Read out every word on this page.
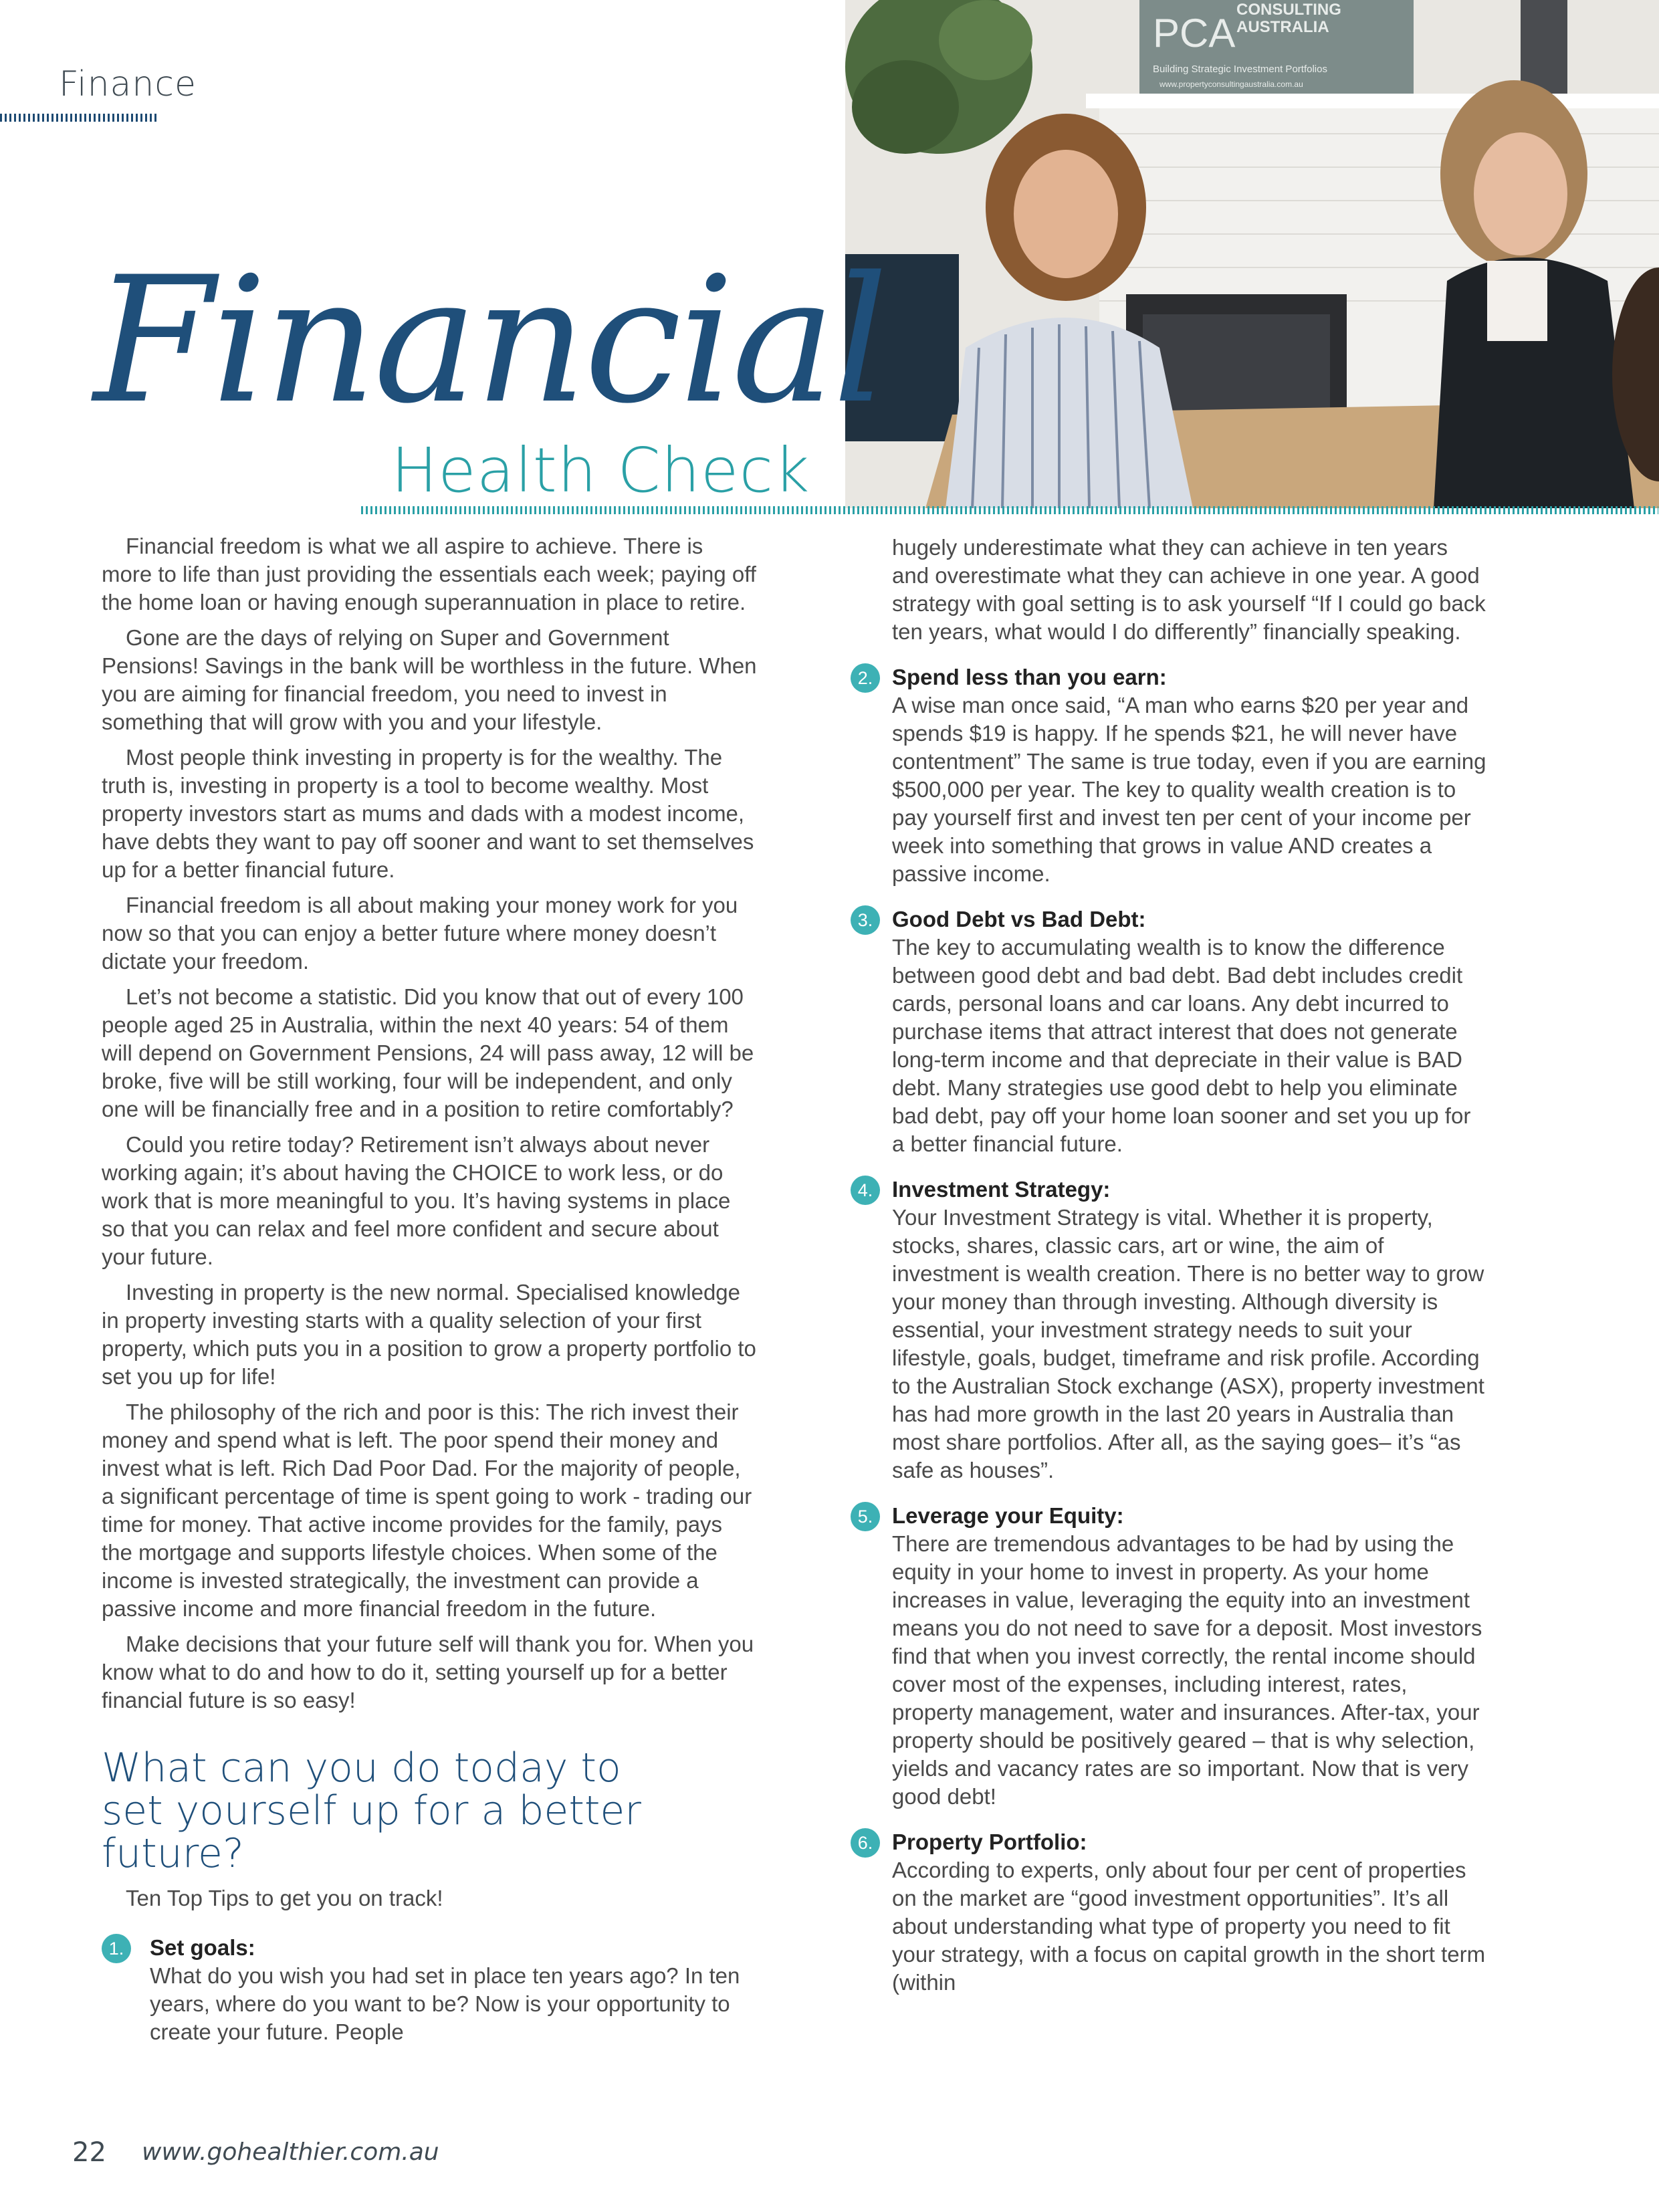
Finance
PCA
CONSULTING
AUSTRALIA
Building Strategic Investment Portfolios
www.propertyconsultingaustralia.com.au
Financial
Health Check

Financial freedom is what we all aspire to achieve. There is more to life than just providing the essentials each week; paying off the home loan or having enough superannuation in place to retire.

Gone are the days of relying on Super and Government Pensions! Savings in the bank will be worthless in the future. When you are aiming for financial freedom, you need to invest in something that will grow with you and your lifestyle.

Most people think investing in property is for the wealthy. The truth is, investing in property is a tool to become wealthy. Most property investors start as mums and dads with a modest income, have debts they want to pay off sooner and want to set themselves up for a better financial future.

Financial freedom is all about making your money work for you now so that you can enjoy a better future where money doesn’t dictate your freedom.

Let’s not become a statistic. Did you know that out of every 100 people aged 25 in Australia, within the next 40 years: 54 of them will depend on Government Pensions, 24 will pass away, 12 will be broke, five will be still working, four will be independent, and only one will be financially free and in a position to retire comfortably?

Could you retire today? Retirement isn’t always about never working again; it’s about having the CHOICE to work less, or do work that is more meaningful to you. It’s having systems in place so that you can relax and feel more confident and secure about your future.

Investing in property is the new normal. Specialised knowledge in property investing starts with a quality selection of your first property, which puts you in a position to grow a property portfolio to set you up for life!

The philosophy of the rich and poor is this: The rich invest their money and spend what is left. The poor spend their money and invest what is left. Rich Dad Poor Dad. For the majority of people, a significant percentage of time is spent going to work - trading our time for money. That active income provides for the family, pays the mortgage and supports lifestyle choices. When some of the income is invested strategically, the investment can provide a passive income and more financial freedom in the future.

Make decisions that your future self will thank you for. When you know what to do and how to do it, setting yourself up for a better financial future is so easy!

What can you do today to set yourself up for a better future?
Ten Top Tips to get you on track!
1.	Set goals:
What do you wish you had set in place ten years ago? In ten years, where do you want to be? Now is your opportunity to create your future. People

hugely underestimate what they can achieve in ten years and overestimate what they can achieve in one year. A good strategy with goal setting is to ask yourself “If I could go back ten years, what would I do differently” financially speaking.

2. Spend less than you earn:
A wise man once said, “A man who earns $20 per year and spends $19 is happy. If he spends $21, he will never have contentment” The same is true today, even if you are earning $500,000 per year. The key to quality wealth creation is to pay yourself first and invest ten per cent of your income per week into something that grows in value AND creates a passive income.
3. Good Debt vs Bad Debt:
The key to accumulating wealth is to know the difference between good debt and bad debt. Bad debt includes credit cards, personal loans and car loans. Any debt incurred to purchase items that attract interest that does not generate long-term income and that depreciate in their value is BAD debt. Many strategies use good debt to help you eliminate bad debt, pay off your home loan sooner and set you up for a better financial future.
4. Investment Strategy:
Your Investment Strategy is vital. Whether it is property, stocks, shares, classic cars, art or wine, the aim of investment is wealth creation. There is no better way to grow your money than through investing. Although diversity is essential, your investment strategy needs to suit your lifestyle, goals, budget, timeframe and risk profile. According to the Australian Stock exchange (ASX), property investment has had more growth in the last 20 years in Australia than most share portfolios. After all, as the saying goes– it’s “as safe as houses”.
5. Leverage your Equity:
There are tremendous advantages to be had by using the equity in your home to invest in property. As your home increases in value, leveraging the equity into an investment means you do not need to save for a deposit. Most investors find that when you invest correctly, the rental income should cover most of the expenses, including interest, rates, property management, water and insurances. After-tax, your property should be positively geared – that is why selection, yields and vacancy rates are so important. Now that is very good debt!
6. Property Portfolio:
According to experts, only about four per cent of properties on the market are “good investment opportunities”. It’s all about understanding what type of property you need to fit your strategy, with a focus on capital growth in the short term (within
22 www.gohealthier.com.au
